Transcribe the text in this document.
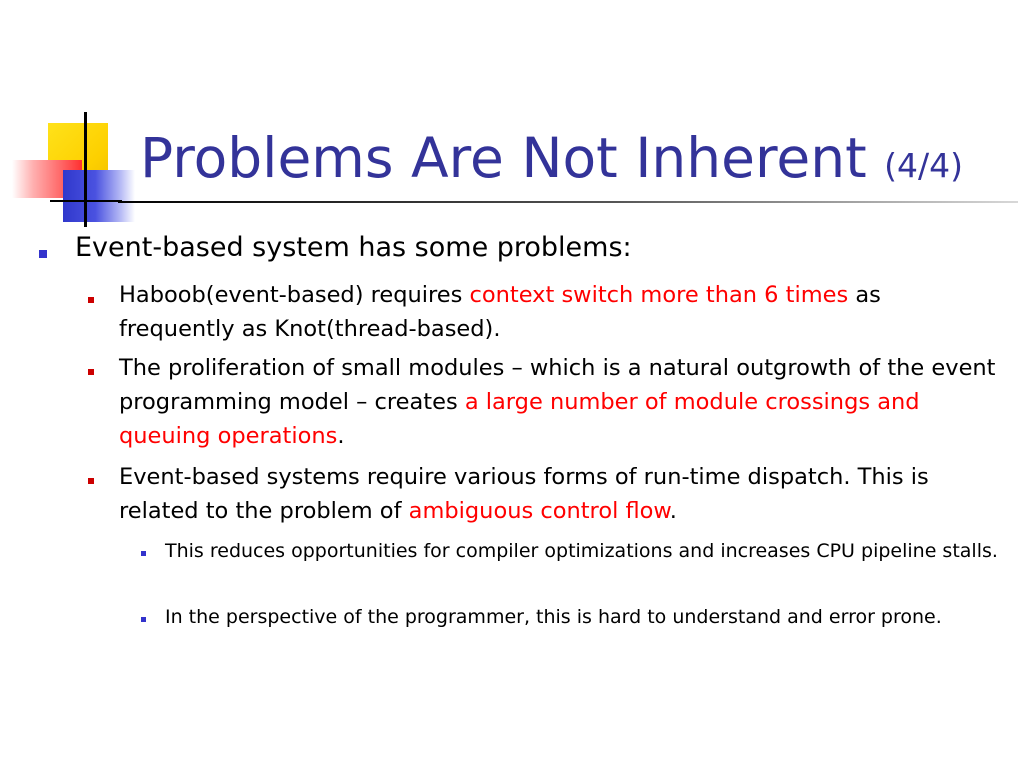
Problems Are Not Inherent (4/4)

Event-based system has some problems:

Haboob(event-based) requires context switch more than 6 times as frequently as Knot(thread-based).

The proliferation of small modules – which is a natural outgrowth of the event programming model – creates a large number of module crossings and queuing operations.

Event-based systems require various forms of run-time dispatch. This is related to the problem of ambiguous control flow.

This reduces opportunities for compiler optimizations and increases CPU pipeline stalls.

In the perspective of the programmer, this is hard to understand and error prone.
